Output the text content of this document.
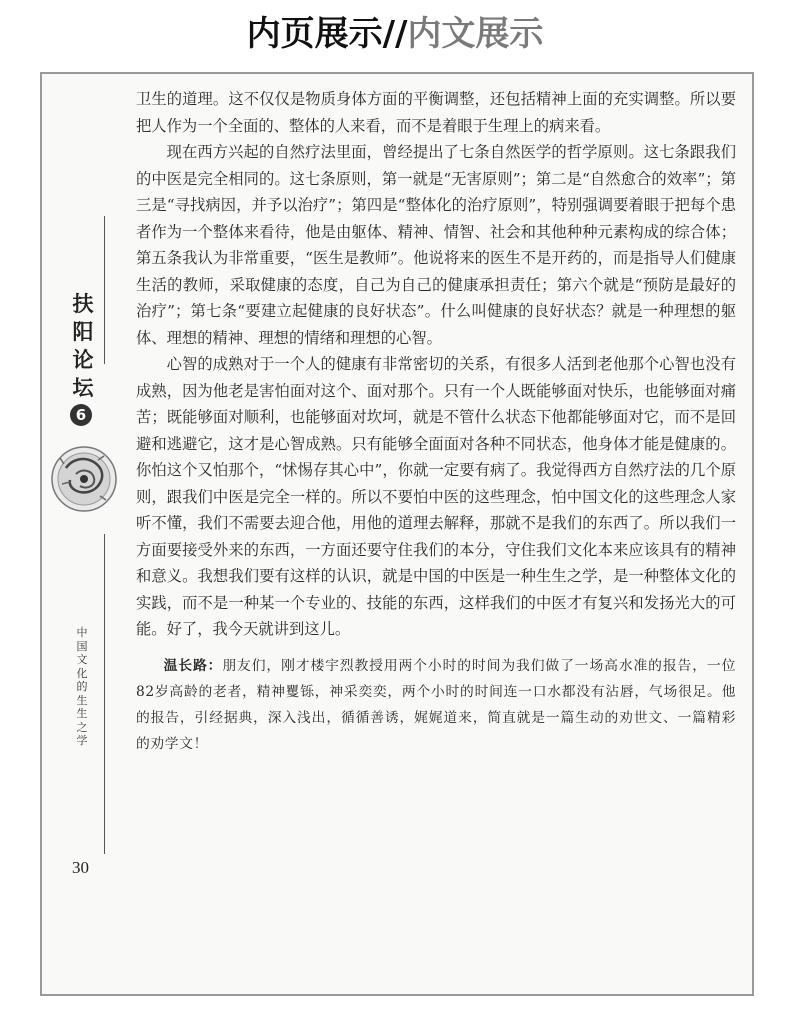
内页展示//内文展示
扶
阳
论
坛
6
中
国
文
化
的
生
生
之
学
30

卫生的道理。这不仅仅是物质身体方面的平衡调整，还包括精神上面的充实调整。所以要把人作为一个全面的、整体的人来看，而不是着眼于生理上的病来看。

现在西方兴起的自然疗法里面，曾经提出了七条自然医学的哲学原则。这七条跟我们的中医是完全相同的。这七条原则，第一就是“无害原则”；第二是“自然愈合的效率”；第三是“寻找病因，并予以治疗”；第四是“整体化的治疗原则”，特别强调要着眼于把每个患者作为一个整体来看待，他是由躯体、精神、情智、社会和其他种种元素构成的综合体；第五条我认为非常重要，“医生是教师”。他说将来的医生不是开药的，而是指导人们健康生活的教师，采取健康的态度，自己为自己的健康承担责任；第六个就是“预防是最好的治疗”；第七条“要建立起健康的良好状态”。什么叫健康的良好状态？就是一种理想的躯体、理想的精神、理想的情绪和理想的心智。

心智的成熟对于一个人的健康有非常密切的关系，有很多人活到老他那个心智也没有成熟，因为他老是害怕面对这个、面对那个。只有一个人既能够面对快乐，也能够面对痛苦；既能够面对顺利，也能够面对坎坷，就是不管什么状态下他都能够面对它，而不是回避和逃避它，这才是心智成熟。只有能够全面面对各种不同状态，他身体才能是健康的。你怕这个又怕那个，“怵惕存其心中”，你就一定要有病了。我觉得西方自然疗法的几个原则，跟我们中医是完全一样的。所以不要怕中医的这些理念，怕中国文化的这些理念人家听不懂，我们不需要去迎合他，用他的道理去解释，那就不是我们的东西了。所以我们一方面要接受外来的东西，一方面还要守住我们的本分，守住我们文化本来应该具有的精神和意义。我想我们要有这样的认识，就是中国的中医是一种生生之学，是一种整体文化的实践，而不是一种某一个专业的、技能的东西，这样我们的中医才有复兴和发扬光大的可能。好了，我今天就讲到这儿。

温长路：朋友们，刚才楼宇烈教授用两个小时的时间为我们做了一场高水准的报告，一位82岁高龄的老者，精神矍铄，神采奕奕，两个小时的时间连一口水都没有沾唇，气场很足。他的报告，引经据典，深入浅出，循循善诱，娓娓道来，简直就是一篇生动的劝世文、一篇精彩的劝学文！
